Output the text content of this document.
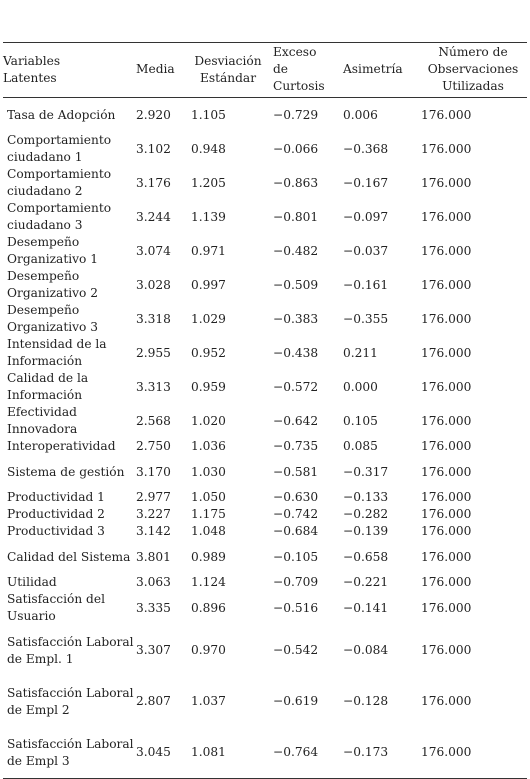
Variables Latentes	Media	Desviación Estándar	Exceso de Curtosis	Asimetría	Número de Observaciones Utilizadas

Tasa de Adopción	2.920	1.105	−0.729	0.006	176.000
Comportamiento ciudadano 1	3.102	0.948	−0.066	−0.368	176.000
Comportamiento ciudadano 2	3.176	1.205	−0.863	−0.167	176.000
Comportamiento ciudadano 3	3.244	1.139	−0.801	−0.097	176.000
Desempeño Organizativo 1	3.074	0.971	−0.482	−0.037	176.000
Desempeño Organizativo 2	3.028	0.997	−0.509	−0.161	176.000
Desempeño Organizativo 3	3.318	1.029	−0.383	−0.355	176.000
Intensidad de la Información	2.955	0.952	−0.438	0.211	176.000
Calidad de la Información	3.313	0.959	−0.572	0.000	176.000
Efectividad Innovadora	2.568	1.020	−0.642	0.105	176.000
Interoperatividad	2.750	1.036	−0.735	0.085	176.000
Sistema de gestión	3.170	1.030	−0.581	−0.317	176.000
Productividad 1	2.977	1.050	−0.630	−0.133	176.000
Productividad 2	3.227	1.175	−0.742	−0.282	176.000
Productividad 3	3.142	1.048	−0.684	−0.139	176.000
Calidad del Sistema	3.801	0.989	−0.105	−0.658	176.000
Utilidad	3.063	1.124	−0.709	−0.221	176.000
Satisfacción del Usuario	3.335	0.896	−0.516	−0.141	176.000
Satisfacción Laboral de Empl. 1	3.307	0.970	−0.542	−0.084	176.000
Satisfacción Laboral de Empl 2	2.807	1.037	−0.619	−0.128	176.000
Satisfacción Laboral de Empl 3	3.045	1.081	−0.764	−0.173	176.000
